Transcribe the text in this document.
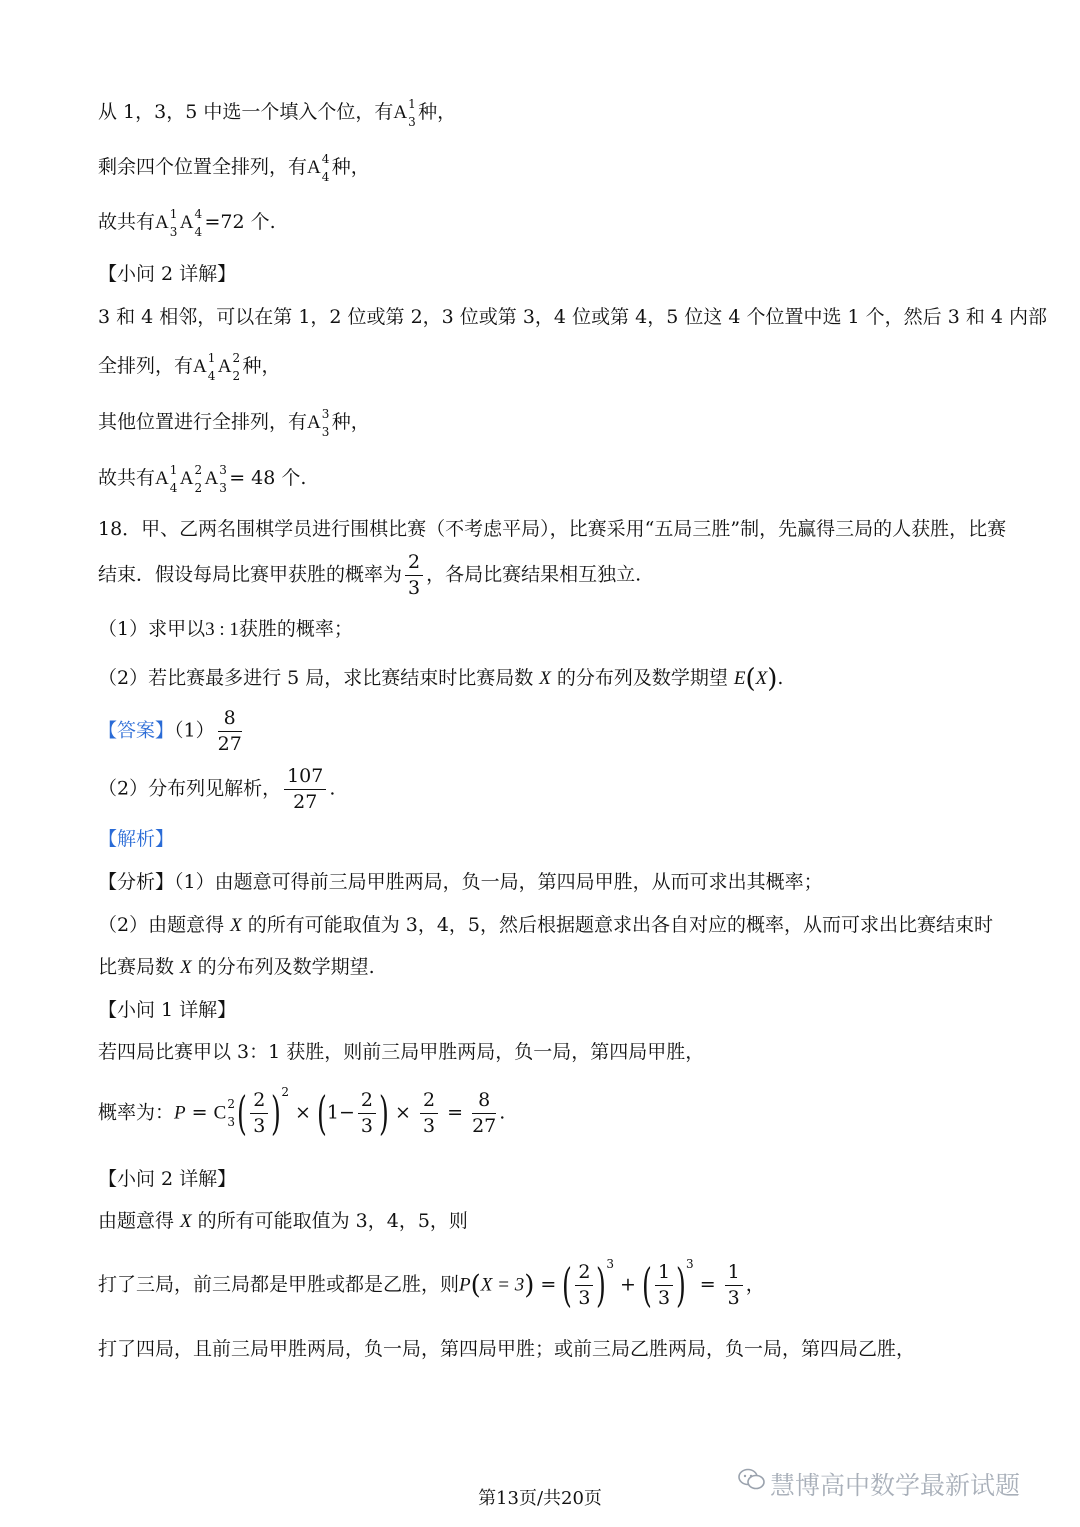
从 1，3，5 中选一个填入个位，有A 1
3 种，
剩余四个位置全排列，有A 4
4 种，
故共有A 1
3 A 4
4 =72 个.
【小问 2 详解】
3 和 4 相邻，可以在第 1，2 位或第 2，3 位或第 3，4 位或第 4，5 位这 4 个位置中选 1 个，然后 3 和 4 内部
全排列，有A 1
4 A 2
2 种，
其他位置进行全排列，有A 3
3 种，
故共有A 1
4 A 2
2 A 3
3 = 48 个.
18．甲、乙两名围棋学员进行围棋比赛（不考虑平局），比赛采用“五局三胜”制，先赢得三局的人获胜，比赛
结束．假设每局比赛甲获胜的概率为 $\frac{2}{3}$ ，各局比赛结果相互独立.
（1）求甲以3 : 1获胜的概率；
（2）若比赛最多进行 5 局，求比赛结束时比赛局数 X 的分布列及数学期望 E(X).
【答案】$(1) \frac{8}{27}$
（2）分布列见解析， $\frac{107}{27}$ .
【解析】
【分析】（1）由题意可得前三局甲胜两局，负一局，第四局甲胜，从而可求出其概率；
（2）由题意得 X 的所有可能取值为 3，4，5，然后根据题意求出各自对应的概率，从而可求出比赛结束时
比赛局数 X 的分布列及数学期望.
【小问 1 详解】
若四局比赛甲以 3：1 获胜，则前三局甲胜两局，负一局，第四局甲胜，
概率为：P = C 2
3 ( $\frac{2}{3} )^2 \times (1- \frac{2}{3}$ ) × $\frac{2}{3} = \frac{8}{27}$ .
【小问 2 详解】
由题意得 X 的所有可能取值为 3，4，5，则
打了三局，前三局都是甲胜或都是乙胜，则P(X = 3) = ( $\frac{2}{3} )^3$ + ( $\frac{1}{3} )^3 = \frac{1}{3}$ ，
打了四局，且前三局甲胜两局，负一局，第四局甲胜；或前三局乙胜两局，负一局，第四局乙胜，
慧博高中数学最新试题
第13页/共20页
